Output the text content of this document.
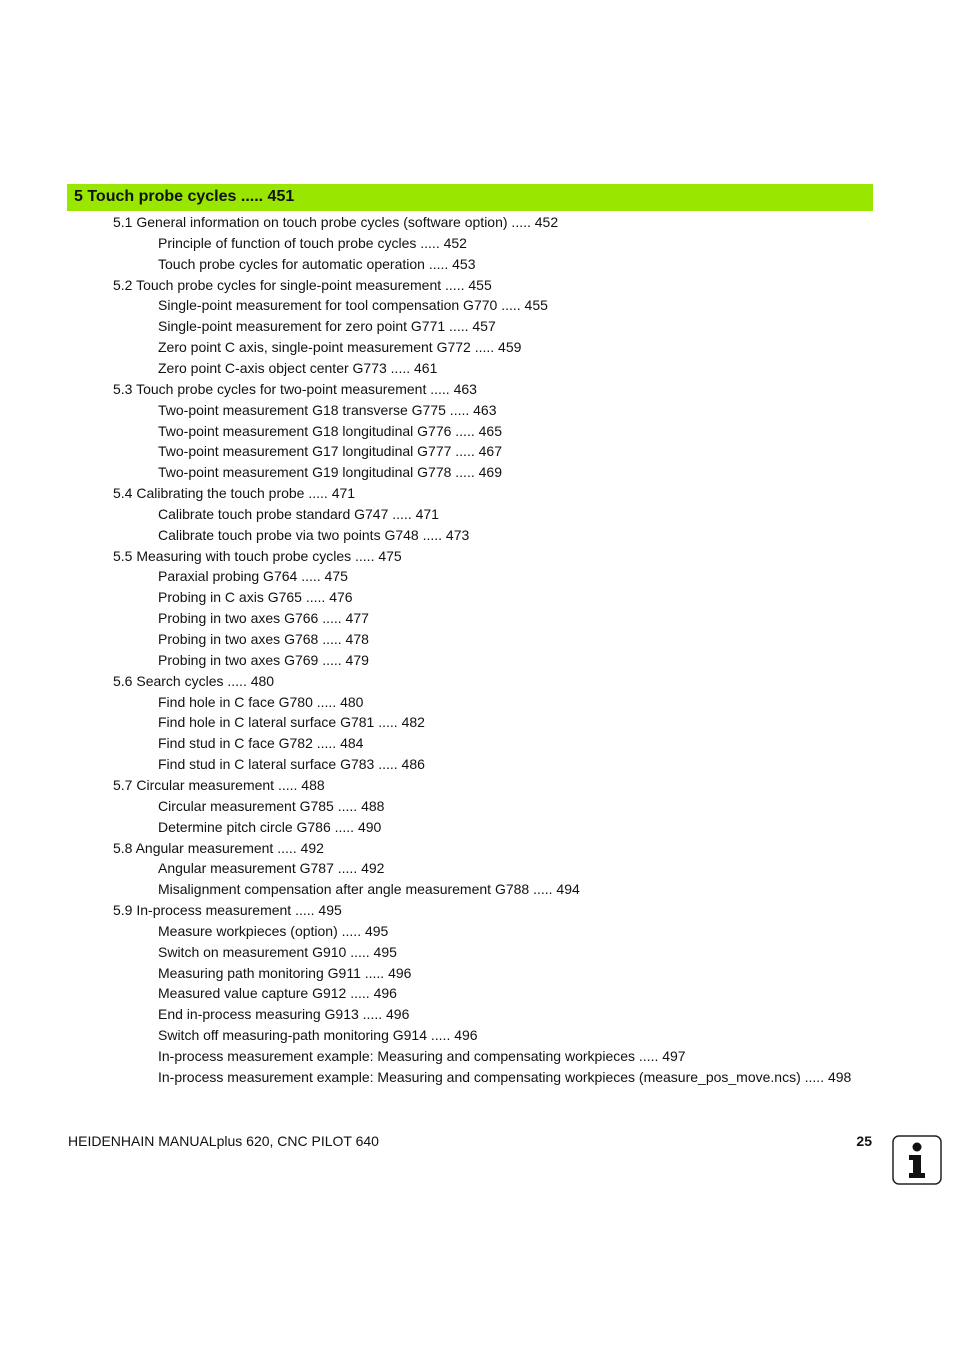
5 Touch probe cycles ..... 451
5.1 General information on touch probe cycles (software option) ..... 452
Principle of function of touch probe cycles ..... 452
Touch probe cycles for automatic operation ..... 453
5.2 Touch probe cycles for single-point measurement ..... 455
Single-point measurement for tool compensation G770 ..... 455
Single-point measurement for zero point G771 ..... 457
Zero point C axis, single-point measurement G772 ..... 459
Zero point C-axis object center G773 ..... 461
5.3 Touch probe cycles for two-point measurement ..... 463
Two-point measurement G18 transverse G775 ..... 463
Two-point measurement G18 longitudinal G776 ..... 465
Two-point measurement G17 longitudinal G777 ..... 467
Two-point measurement G19 longitudinal G778 ..... 469
5.4 Calibrating the touch probe ..... 471
Calibrate touch probe standard G747 ..... 471
Calibrate touch probe via two points G748 ..... 473
5.5 Measuring with touch probe cycles ..... 475
Paraxial probing G764 ..... 475
Probing in C axis G765 ..... 476
Probing in two axes G766 ..... 477
Probing in two axes G768 ..... 478
Probing in two axes G769 ..... 479
5.6 Search cycles ..... 480
Find hole in C face G780 ..... 480
Find hole in C lateral surface G781 ..... 482
Find stud in C face G782 ..... 484
Find stud in C lateral surface G783 ..... 486
5.7 Circular measurement ..... 488
Circular measurement G785 ..... 488
Determine pitch circle G786 ..... 490
5.8 Angular measurement ..... 492
Angular measurement G787 ..... 492
Misalignment compensation after angle measurement G788 ..... 494
5.9 In-process measurement ..... 495
Measure workpieces (option) ..... 495
Switch on measurement G910 ..... 495
Measuring path monitoring G911 ..... 496
Measured value capture G912 ..... 496
End in-process measuring G913 ..... 496
Switch off measuring-path monitoring G914 ..... 496
In-process measurement example: Measuring and compensating workpieces ..... 497
In-process measurement example: Measuring and compensating workpieces (measure_pos_move.ncs) ..... 498
HEIDENHAIN MANUALplus 620, CNC PILOT 640	25
